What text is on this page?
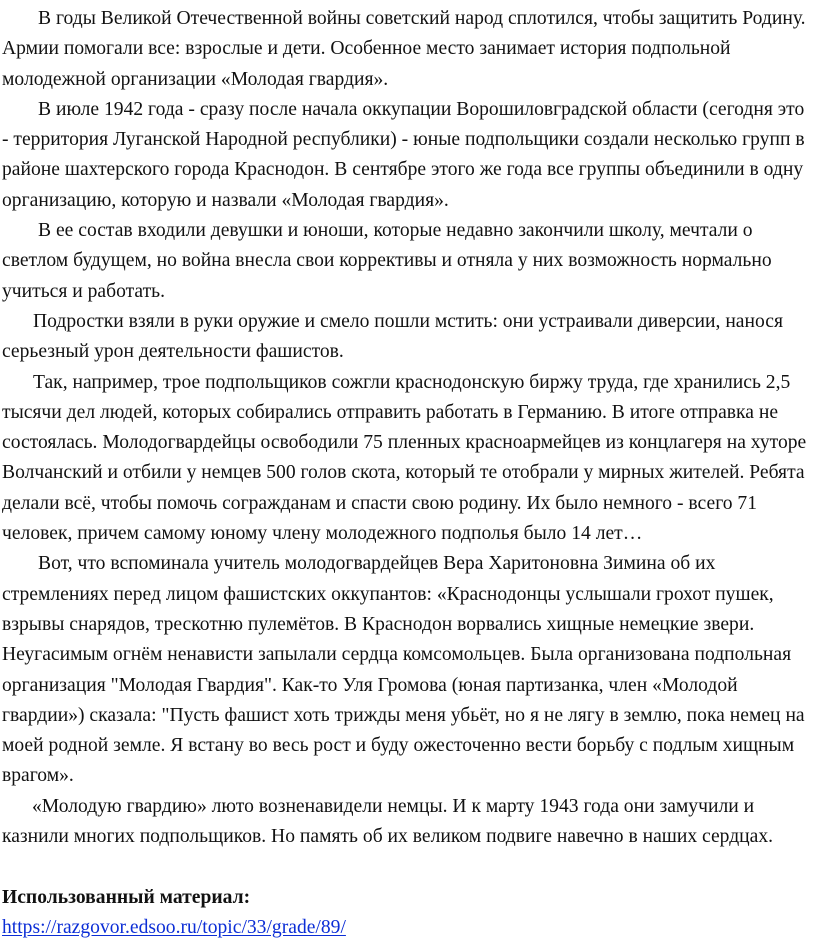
В годы Великой Отечественной войны советский народ сплотился, чтобы защитить Родину. Армии помогали все: взрослые и дети. Особенное место занимает история подпольной молодежной организации «Молодая гвардия».

В июле 1942 года - сразу после начала оккупации Ворошиловградской области (сегодня это - территория Луганской Народной республики) - юные подпольщики создали несколько групп в районе шахтерского города Краснодон. В сентябре этого же года все группы объединили в одну организацию, которую и назвали «Молодая гвардия».

В ее состав входили девушки и юноши, которые недавно закончили школу, мечтали о светлом будущем, но война внесла свои коррективы и отняла у них возможность нормально учиться и работать.

Подростки взяли в руки оружие и смело пошли мстить: они устраивали диверсии, нанося серьезный урон деятельности фашистов.

Так, например, трое подпольщиков сожгли краснодонскую биржу труда, где хранились 2,5 тысячи дел людей, которых собирались отправить работать в Германию. В итоге отправка не состоялась. Молодогвардейцы освободили 75 пленных красноармейцев из концлагеря на хуторе Волчанский и отбили у немцев 500 голов скота, который те отобрали у мирных жителей. Ребята делали всё, чтобы помочь согражданам и спасти свою родину. Их было немного - всего 71 человек, причем самому юному члену молодежного подполья было 14 лет…

Вот, что вспоминала учитель молодогвардейцев Вера Харитоновна Зимина об их стремлениях перед лицом фашистских оккупантов: «Краснодонцы услышали грохот пушек, взрывы снарядов, трескотню пулемётов. В Краснодон ворвались хищные немецкие звери. Неугасимым огнём ненависти запылали сердца комсомольцев. Была организована подпольная организация "Молодая Гвардия". Как-то Уля Громова (юная партизанка, член «Молодой гвардии») сказала: "Пусть фашист хоть трижды меня убьёт, но я не лягу в землю, пока немец на моей родной земле. Я встану во весь рост и буду ожесточенно вести борьбу с подлым хищным врагом».

«Молодую гвардию» люто возненавидели немцы. И к марту 1943 года они замучили и казнили многих подпольщиков. Но память об их великом подвиге навечно в наших сердцах.

Использованный материал:

https://razgovor.edsoo.ru/topic/33/grade/89/
